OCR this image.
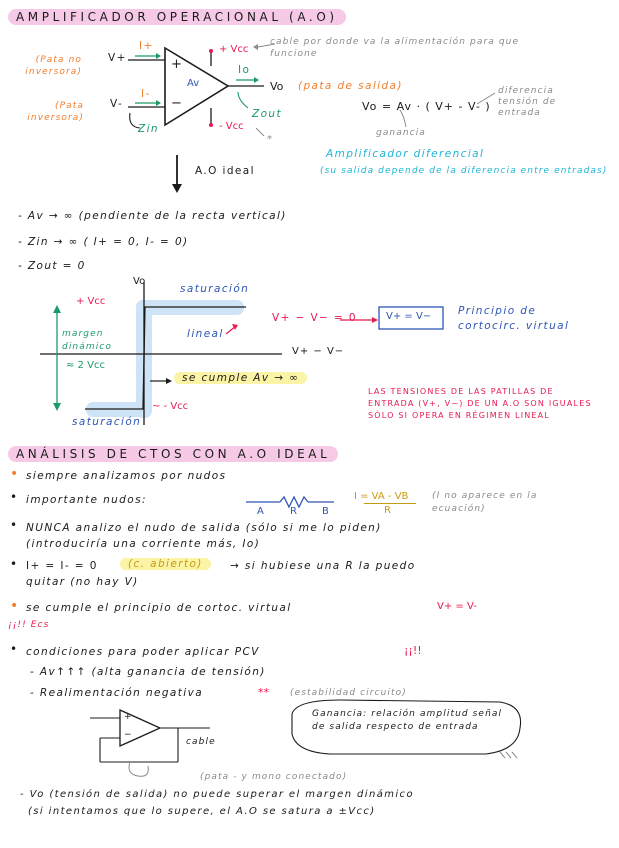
AMPLIFICADOR OPERACIONAL (A.O)
(Pata no inversora)
(Pata inversora)
V+
V-
I+
I-
Zin
+
−
Av
+ Vcc
- Vcc
Io
Vo (pata de salida)
Zout
cable por donde va la alimentación para que funcione
*
Vo = Av · ( V+ - V- )
diferencia tensión de entrada
ganancia
Amplificador diferencial
(su salida depende de la diferencia entre entradas)
A.O ideal
- Av → ∞ (pendiente de la recta vertical)
- Zin → ∞ ( I+ = 0, I- = 0)
- Zout = 0
Vo
V+ − V−
saturación
saturación
+ Vcc
~ - Vcc
margen dinámico
≈ 2 Vcc
lineal
V+ − V− = 0	V+ = V−	Principio de cortocirc. virtual
se cumple Av → ∞
LAS TENSIONES DE LAS PATILLAS DE ENTRADA (V+, V−) DE UN A.O SON IGUALES SÓLO SI OPERA EN RÉGIMEN LINEAL
ANÁLISIS DE CTOS CON A.O IDEAL
• siempre analizamos por nudos
• importante nudos:
A	R	B
I = VA - VB
R
(I no aparece en la ecuación)
• NUNCA analizo el nudo de salida (sólo si me lo piden)
(introduciría una corriente más, Io)
• I+ = I- = 0	(c. abierto)	→ si hubiese una R la puedo
quitar (no hay V)
• se cumple el principio de cortoc. virtual	V+ = V-
¡¡!! Ecs
• condiciones para poder aplicar PCV	¡¡!!
- Av↑↑↑ (alta ganancia de tensión)
- Realimentación negativa	** (estabilidad circuito)
+
−
cable
Ganancia: relación amplitud señal de salida respecto de entrada
(pata - y mono conectado)
- Vo (tensión de salida) no puede superar el margen dinámico
(si intentamos que lo supere, el A.O se satura a ±Vcc)
